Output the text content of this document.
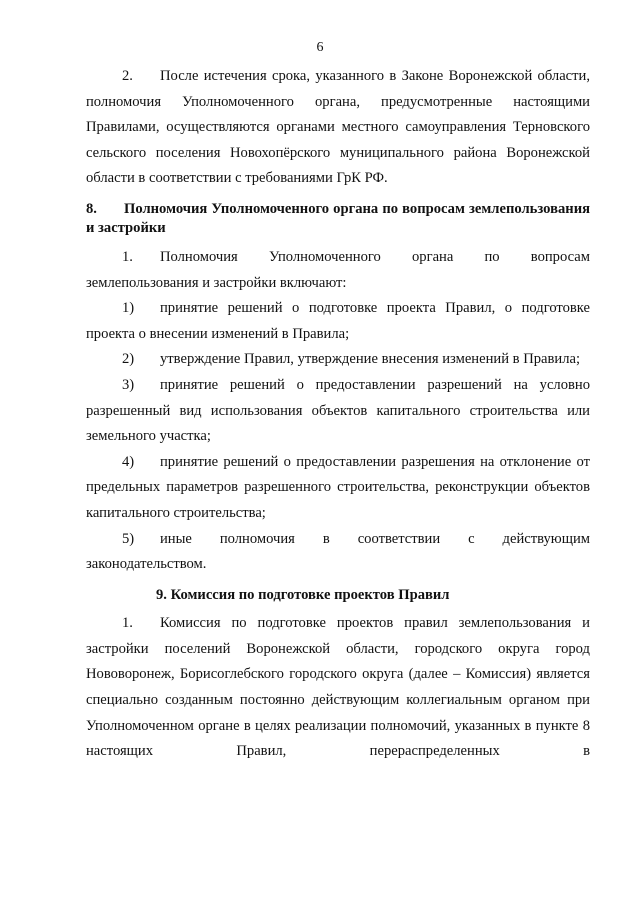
6

2. После истечения срока, указанного в Законе Воронежской области, полномочия Уполномоченного органа, предусмотренные настоящими Правилами, осуществляются органами местного самоуправления Терновского сельского поселения Новохопёрского муниципального района Воронежской области в соответствии с требованиями ГрК РФ.

8. Полномочия Уполномоченного органа по вопросам землепользования и застройки

1. Полномочия Уполномоченного органа по вопросам землепользования и застройки включают:

1) принятие решений о подготовке проекта Правил, о подготовке проекта о внесении изменений в Правила;

2) утверждение Правил, утверждение внесения изменений в Правила;

3) принятие решений о предоставлении разрешений на условно разрешенный вид использования объектов капитального строительства или земельного участка;

4) принятие решений о предоставлении разрешения на отклонение от предельных параметров разрешенного строительства, реконструкции объектов капитального строительства;

5) иные полномочия в соответствии с действующим законодательством.

9. Комиссия по подготовке проектов Правил

1. Комиссия по подготовке проектов правил землепользования и застройки поселений Воронежской области, городского округа город Нововоронеж, Борисоглебского городского округа (далее – Комиссия) является специально созданным постоянно действующим коллегиальным органом при Уполномоченном органе в целях реализации полномочий, указанных в пункте 8 настоящих Правил, перераспределенных в
